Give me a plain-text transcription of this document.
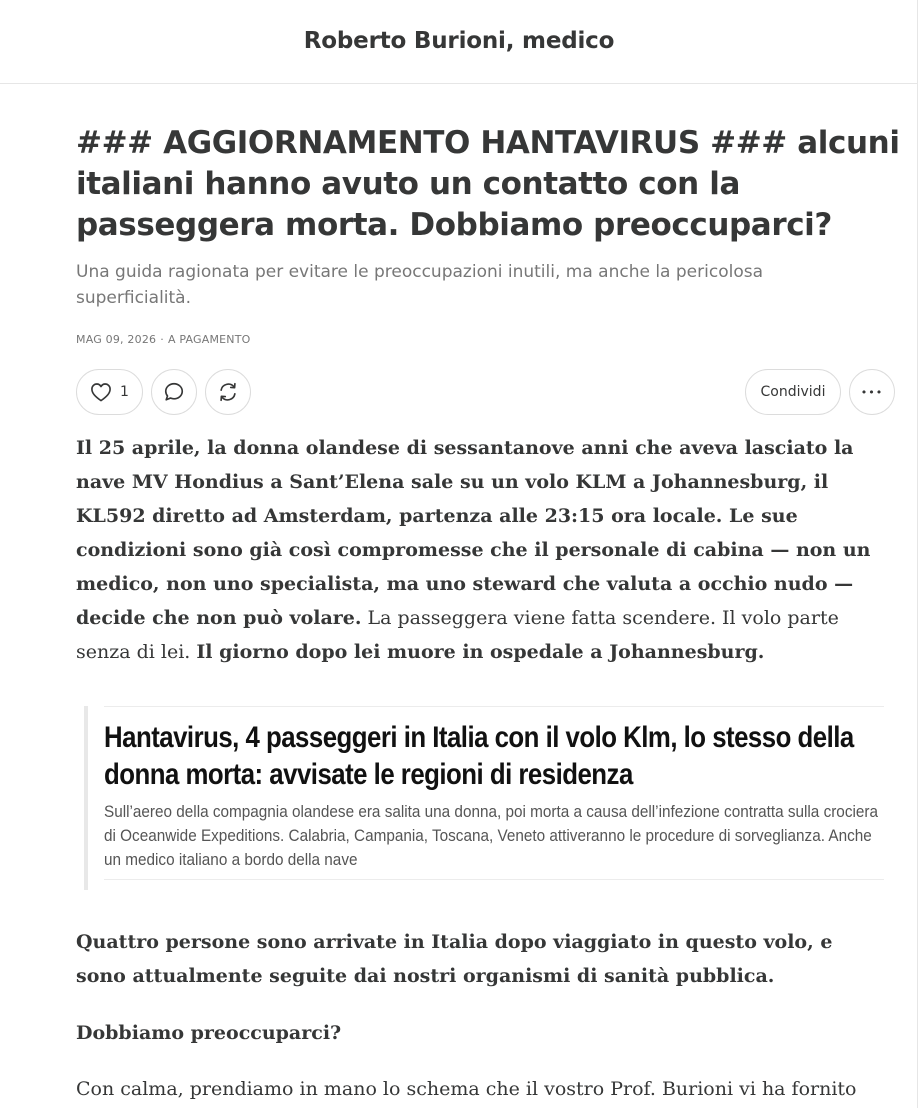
Roberto Burioni, medico
### AGGIORNAMENTO HANTAVIRUS ### alcuni italiani hanno avuto un contatto con la passeggera morta. Dobbiamo preoccuparci?

Una guida ragionata per evitare le preoccupazioni inutili, ma anche la pericolosa superficialità.

MAG 09, 2026 · A PAGAMENTO
1	Condividi	•••

Il 25 aprile, la donna olandese di sessantanove anni che aveva lasciato la nave MV Hondius a Sant’Elena sale su un volo KLM a Johannesburg, il KL592 diretto ad Amsterdam, partenza alle 23:15 ora locale. Le sue condizioni sono già così compromesse che il personale di cabina — non un medico, non uno specialista, ma uno steward che valuta a occhio nudo — decide che non può volare. La passeggera viene fatta scendere. Il volo parte senza di lei. Il giorno dopo lei muore in ospedale a Johannesburg.

Hantavirus, 4 passeggeri in Italia con il volo Klm, lo stesso della donna morta: avvisate le regioni di residenza

Sull’aereo della compagnia olandese era salita una donna, poi morta a causa dell’infezione contratta sulla crociera di Oceanwide Expeditions. Calabria, Campania, Toscana, Veneto attiveranno le procedure di sorveglianza. Anche un medico italiano a bordo della nave

Quattro persone sono arrivate in Italia dopo viaggiato in questo volo, e sono attualmente seguite dai nostri organismi di sanità pubblica.

Dobbiamo preoccuparci?

Con calma, prendiamo in mano lo schema che il vostro Prof. Burioni vi ha fornito
